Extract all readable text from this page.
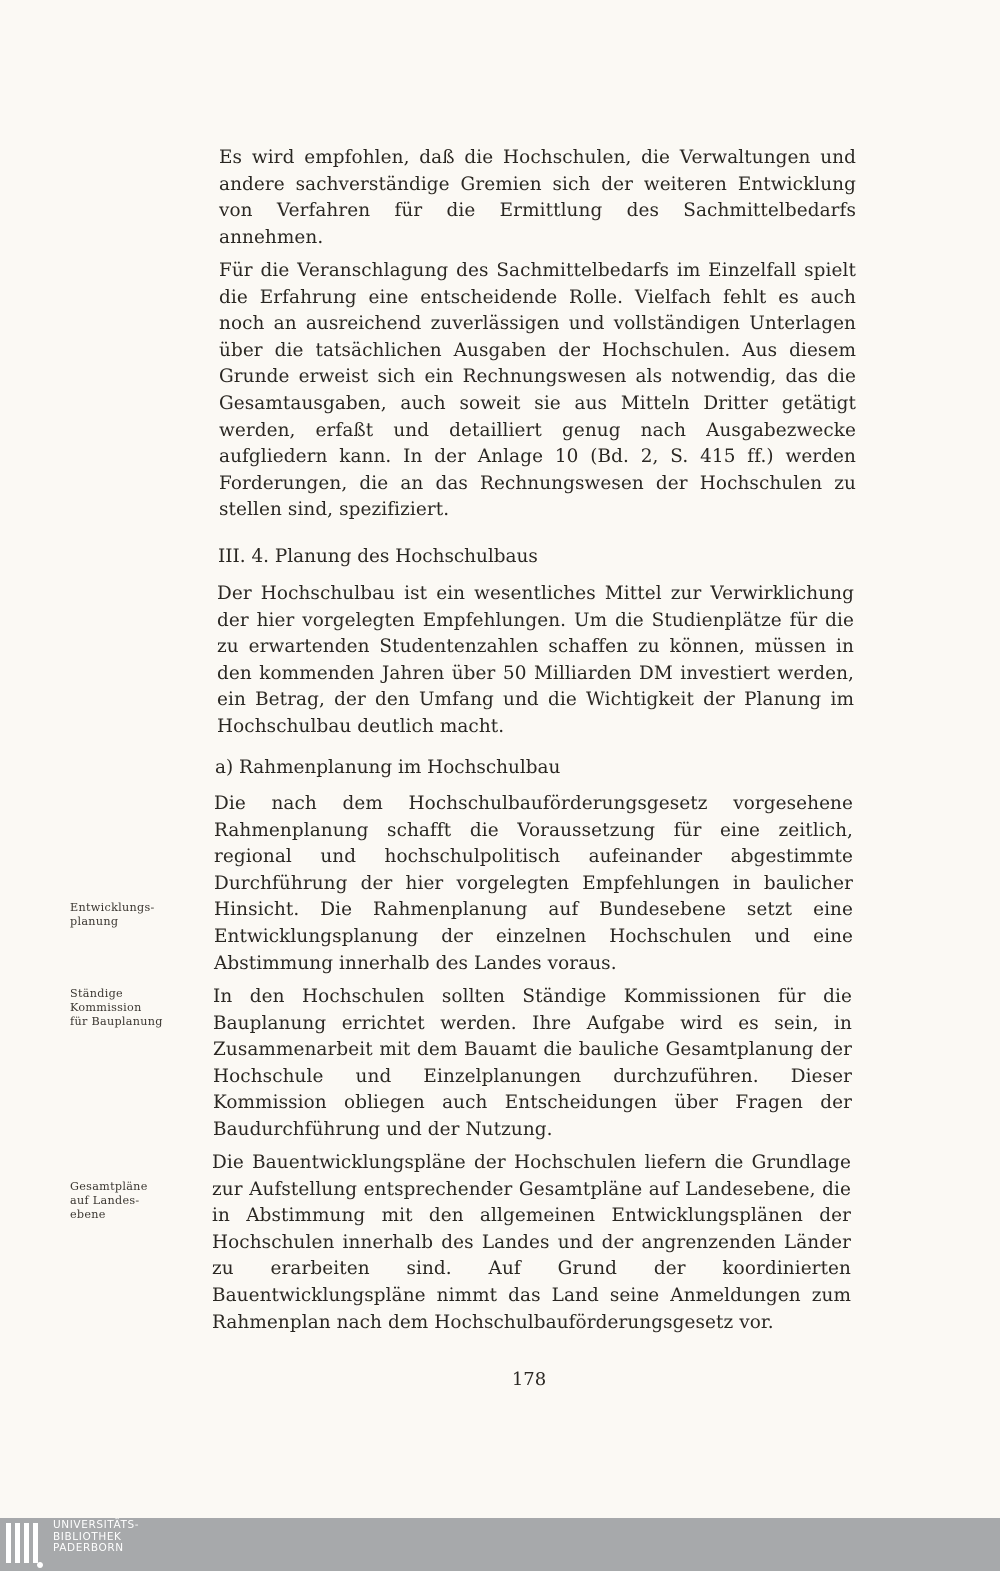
Es wird empfohlen, daß die Hochschulen, die Verwaltungen und andere sachverständige Gremien sich der weiteren Entwicklung von Verfahren für die Ermittlung des Sachmittelbedarfs annehmen.

Für die Veranschlagung des Sachmittelbedarfs im Einzelfall spielt die Erfahrung eine entscheidende Rolle. Vielfach fehlt es auch noch an ausreichend zuverlässigen und vollständigen Unterlagen über die tatsächlichen Ausgaben der Hochschulen. Aus diesem Grunde erweist sich ein Rechnungswesen als notwendig, das die Gesamtausgaben, auch soweit sie aus Mitteln Dritter getätigt werden, erfaßt und detailliert genug nach Ausgabezwecke aufgliedern kann. In der Anlage 10 (Bd. 2, S. 415 ff.) werden Forderungen, die an das Rechnungswesen der Hochschulen zu stellen sind, spezifiziert.

III. 4. Planung des Hochschulbaus

Der Hochschulbau ist ein wesentliches Mittel zur Verwirklichung der hier vorgelegten Empfehlungen. Um die Studienplätze für die zu erwartenden Studentenzahlen schaffen zu können, müssen in den kommenden Jahren über 50 Milliarden DM investiert werden, ein Betrag, der den Umfang und die Wichtigkeit der Planung im Hochschulbau deutlich macht.

a) Rahmenplanung im Hochschulbau

Die nach dem Hochschulbauförderungsgesetz vorgesehene Rahmenplanung schafft die Voraussetzung für eine zeitlich, regional und hochschulpolitisch aufeinander abgestimmte Durchführung der hier vorgelegten Empfehlungen in baulicher Hinsicht. Die Rahmenplanung auf Bundesebene setzt eine Entwicklungsplanung der einzelnen Hochschulen und eine Abstimmung innerhalb des Landes voraus.

In den Hochschulen sollten Ständige Kommissionen für die Bauplanung errichtet werden. Ihre Aufgabe wird es sein, in Zusammenarbeit mit dem Bauamt die bauliche Gesamtplanung der Hochschule und Einzelplanungen durchzuführen. Dieser Kommission obliegen auch Entscheidungen über Fragen der Baudurchführung und der Nutzung.

Die Bauentwicklungspläne der Hochschulen liefern die Grundlage zur Aufstellung entsprechender Gesamtpläne auf Landesebene, die in Abstimmung mit den allgemeinen Entwicklungsplänen der Hochschulen innerhalb des Landes und der angrenzenden Länder zu erarbeiten sind. Auf Grund der koordinierten Bauentwicklungspläne nimmt das Land seine Anmeldungen zum Rahmenplan nach dem Hochschulbauförderungsgesetz vor.

Entwicklungs-
planung
Ständige
Kommission
für Bauplanung
Gesamtpläne
auf Landes-
ebene
178
UNIVERSITÄTS-
BIBLIOTHEK
PADERBORN
